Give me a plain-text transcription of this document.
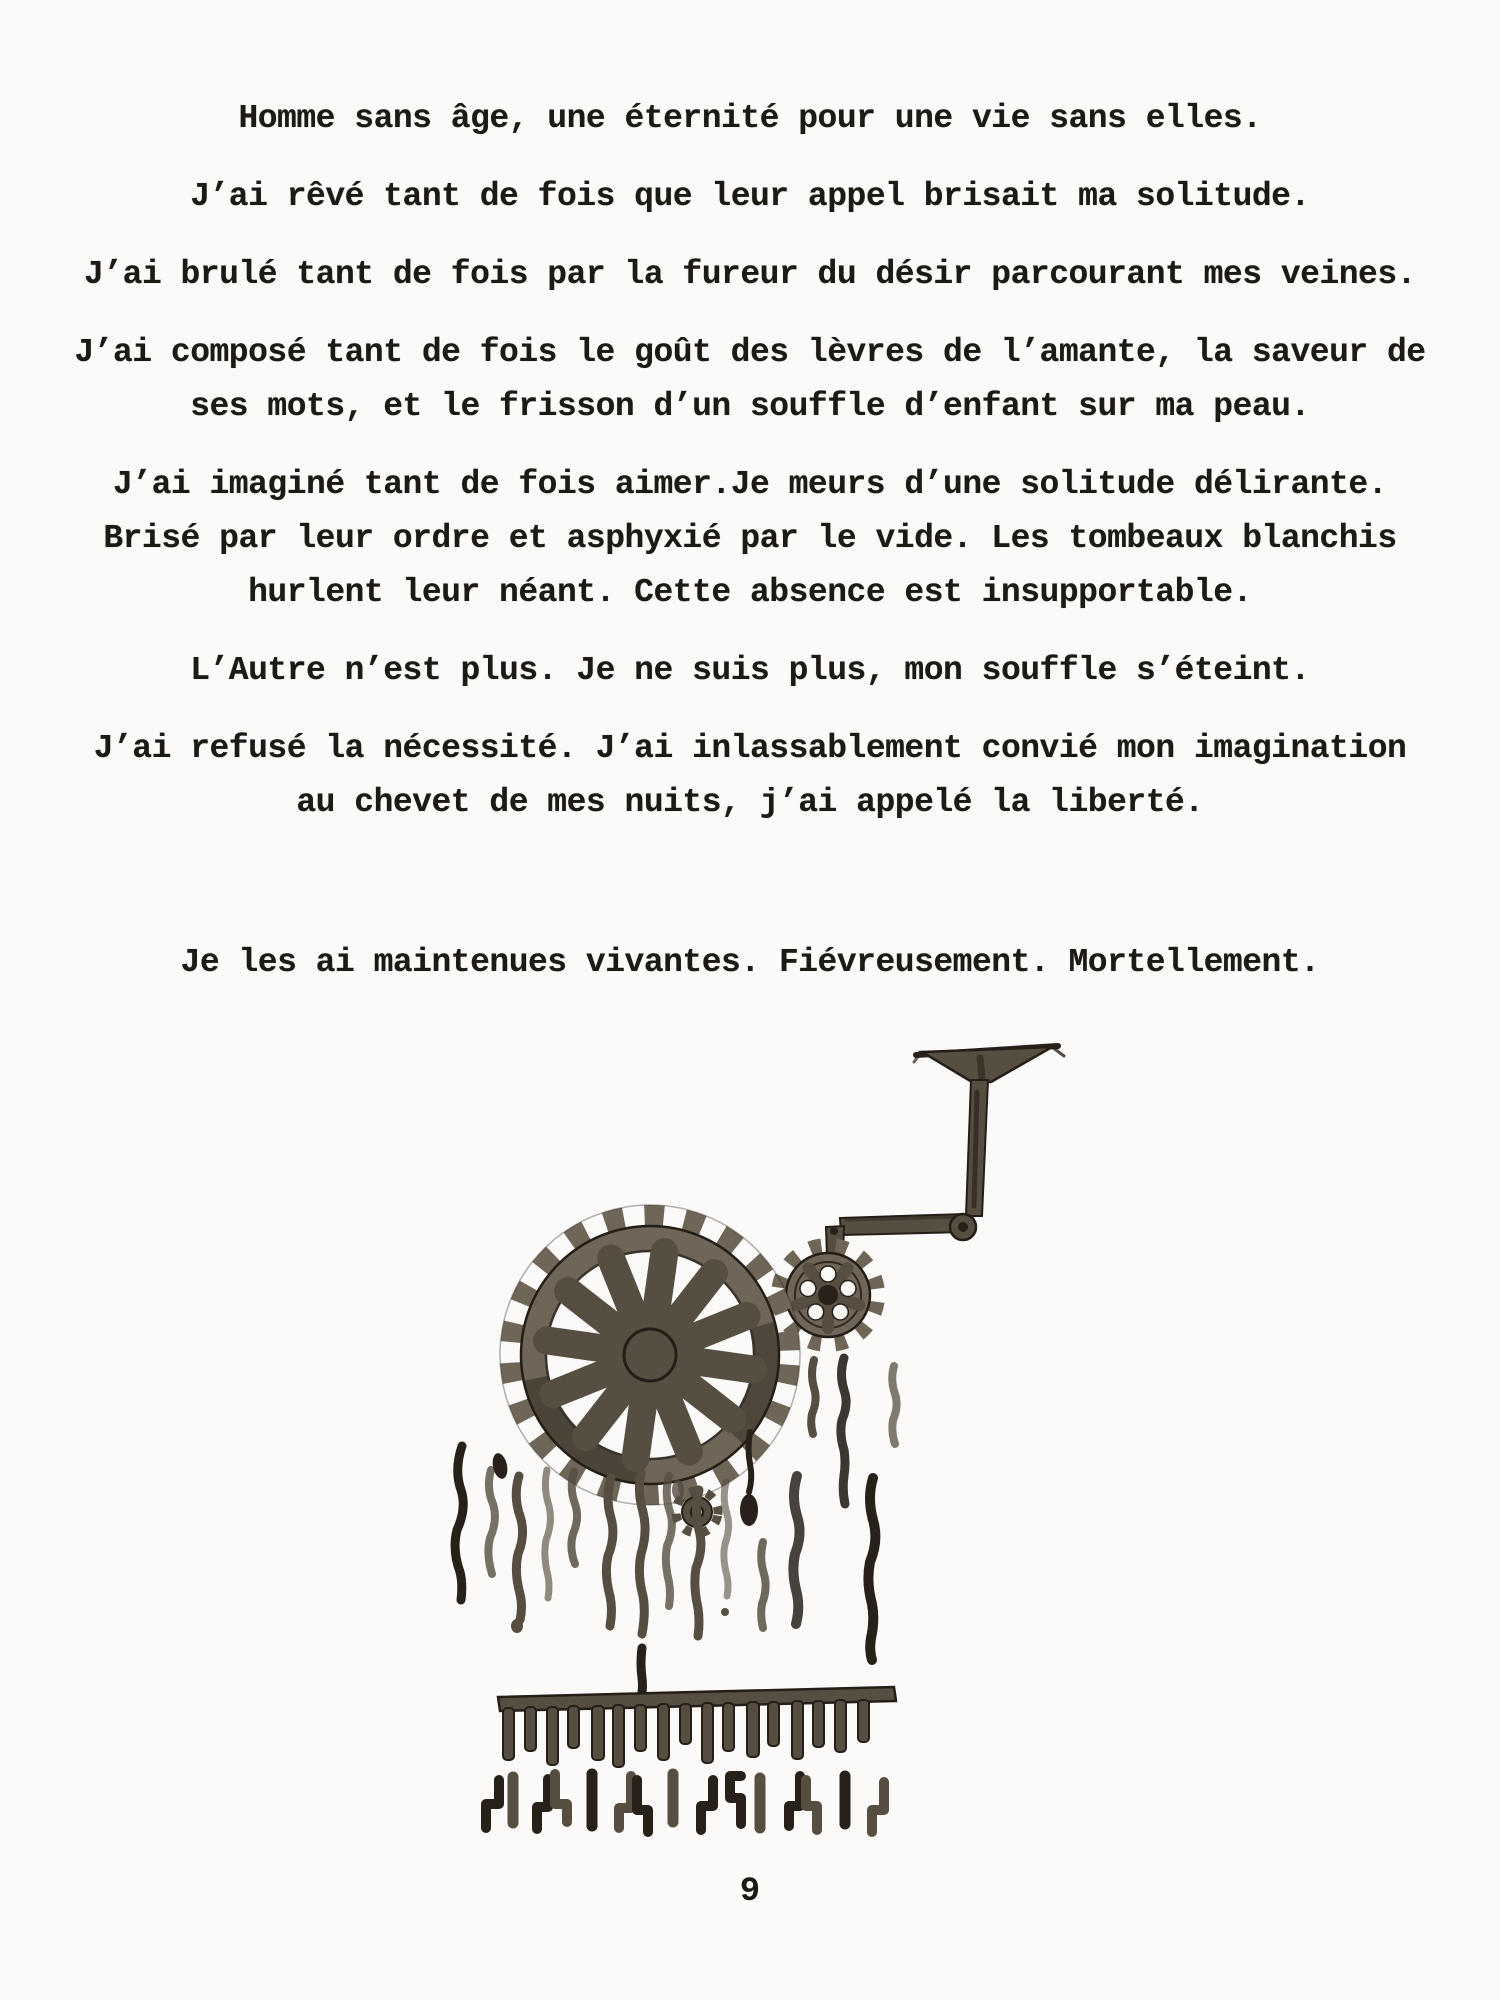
Homme sans âge, une éternité pour une vie sans elles.
J’ai rêvé tant de fois que leur appel brisait ma solitude.
J’ai brulé tant de fois par la fureur du désir parcourant mes veines.
J’ai composé tant de fois le goût des lèvres de l’amante, la saveur de
ses mots, et le frisson d’un souffle d’enfant sur ma peau.
J’ai imaginé tant de fois aimer.Je meurs d’une solitude délirante.
Brisé par leur ordre et asphyxié par le vide. Les tombeaux blanchis
hurlent leur néant. Cette absence est insupportable.
L’Autre n’est plus. Je ne suis plus, mon souffle s’éteint.
J’ai refusé la nécessité. J’ai inlassablement convié mon imagination
au chevet de mes nuits, j’ai appelé la liberté.
Je les ai maintenues vivantes. Fiévreusement. Mortellement.
9
